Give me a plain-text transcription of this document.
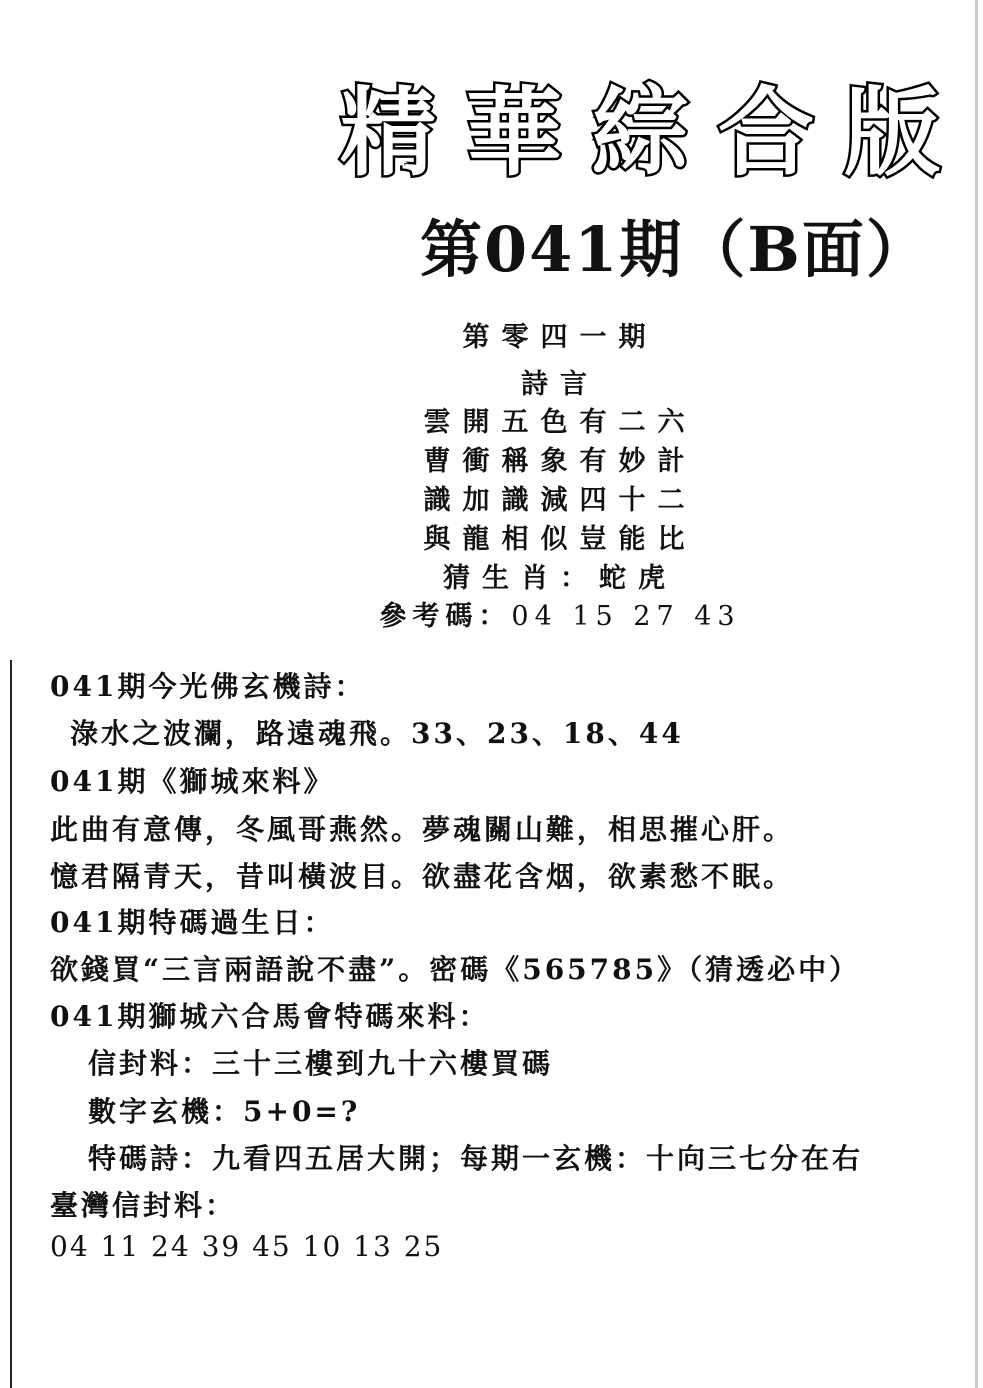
精 華 綜 合 版
第041期（B面）
第零四一期
詩言
雲開五色有二六
曹衝稱象有妙計
識加識減四十二
與龍相似豈能比
猜生肖：蛇虎
參考碼：04 15 27 43
041期今光佛玄機詩：
淥水之波瀾，路遠魂飛。33、23、18、44
041期《獅城來料》
此曲有意傳，冬風哥燕然。夢魂關山難，相思摧心肝。
憶君隔青天，昔叫橫波目。欲盡花含烟，欲素愁不眠。
041期特碼過生日：
欲錢買“三言兩語說不盡”。密碼《565785》（猜透必中）
041期獅城六合馬會特碼來料：
信封料：三十三樓到九十六樓買碼
數字玄機：5+0=?
特碼詩：九看四五居大開；每期一玄機：十向三七分在右
臺灣信封料：
04 11 24 39 45 10 13 25
